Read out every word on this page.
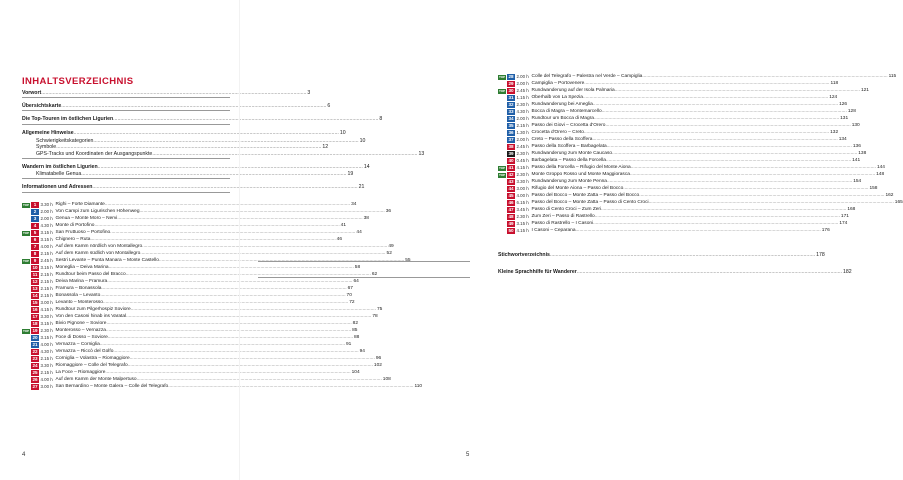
INHALTSVERZEICHNIS
Vorwort .....	3
Übersichtskarte .....	6
Die Top-Touren im östlichen Ligurien .....	8
Allgemeine Hinweise .....	10
Schwierigkeitskategorien .....	10
Symbole .....	12
GPS-Tracks und Koordinaten der Ausgangspunkte .....	13
Wandern im östlichen Ligurien .....	14
Klimatabelle Genua .....	19
Informationen und Adressen .....	21
TOP	1 3.30 h Righi – Forte Diamante .....	34
2 2.00 h Von Campi zum Ligurischen Höhenweg .....	36
3 2.00 h Genua – Monte Moro – Nervi .....	38
4 4.30 h Monte di Portofino .....	41
TOP	5 3.15 h San Fruttuoso – Portofino .....	44
6 3.15 h Chignero – Ruta .....	46
7 4.00 h Auf dem Kamm nördlich von Montallegro .....	49
8 2.15 h Auf dem Kamm südlich von Montallegro .....	52
TOP	9 2.45 h Sestri Levante – Punta Manara – Monte Castello .....	55
10 3.15 h Moneglia – Deiva Marina .....	58
11 2.15 h Rundtour beim Passo del Bracco .....	62
12 2.15 h Deiva Marina – Framura .....	64
13 2.15 h Framura – Bonassola .....	67
14 2.15 h Bonassola – Levanto .....	70
15 3.00 h Levanto – Monterosso .....	72
16 4.15 h Rundtour zum Pilgerhospiz Soviore .....	75
17 3.30 h Von den Casoni hinab ins Varatal .....	78
18 3.15 h Bivio Pignone – Soviore .....	82
TOP 19 2.30 h Monterosso – Vernazza .....	85
20 3.15 h Foce di Dosso – Soviore .....	88
21 4.00 h Vernazza – Corniglia .....	91
22 4.30 h Vernazza – Riccò del Golfo .....	94
23 2.15 h Corniglia – Volastra – Riomaggiore .....	96
24 3.30 h Riomaggiore – Colle del Telegrafo .....	102
25 2.15 h La Foce – Riomaggiore .....	104
26 4.00 h Auf dem Kamm der Monte Malpertuso .....	108
27 3.00 h San Bernardino – Monte Galera – Colle del Telegrafo .....	110
4
TOP 28 2.00 h Colle del Telegrafo – Palestra nel Verde – Campiglia .....	115
29 2.00 h Campiglia – Portovenere .....	118
TOP 30 2.45 h Rundwanderung auf der Isola Palmaria .....	121
31 1.15 h Oberhalb von La Spezia .....	124
32 2.30 h Rundwanderung bei Ameglia .....	126
33 4.30 h Bocca di Magra – Montemarcello .....	128
34 2.00 h Rundtour um Bocca di Magra .....	131
35 2.15 h Passo dei Giovi – Crocetta d'Orero .....	130
36 1.30 h Crocetta d'Orero – Creto .....	132
37 2.00 h Creto – Passo della Scoffera .....	134
38 2.45 h Passo della Scoffera – Barbagelata .....	136
39 2.30 h Rundwanderung zum Monte Caucaso .....	138
40 0.45 h Barbagelata – Passo della Forcella .....	141
TOP 41 4.15 h Passo della Forcella – Rifugio del Monte Aiona .....	144
TOP 42 2.30 h Monte Groppo Rosso und Monte Maggiorasca .....	148
43 3.30 h Rundwanderung zum Monte Penna .....	154
44 3.00 h Rifugio del Monte Aiona – Passo del Bocco .....	158
45 4.00 h Passo del Bocco – Monte Zatta – Passo del Bocco .....	162
46 6.15 h Passo del Bocco – Monte Zatta – Passo di Cento Croci .....	165
47 3.45 h Passo di Cento Croci – Zum Zeri .....	168
48 2.30 h Zum Zeri – Passo di Rastrello .....	171
49 3.15 h Passo di Rastrello – I Casoni .....	174
50 4.15 h I Casoni – Ceparana .....	176
Stichwortverzeichnis .....	178
Kleine Sprachhilfe für Wanderer .....	182
5
